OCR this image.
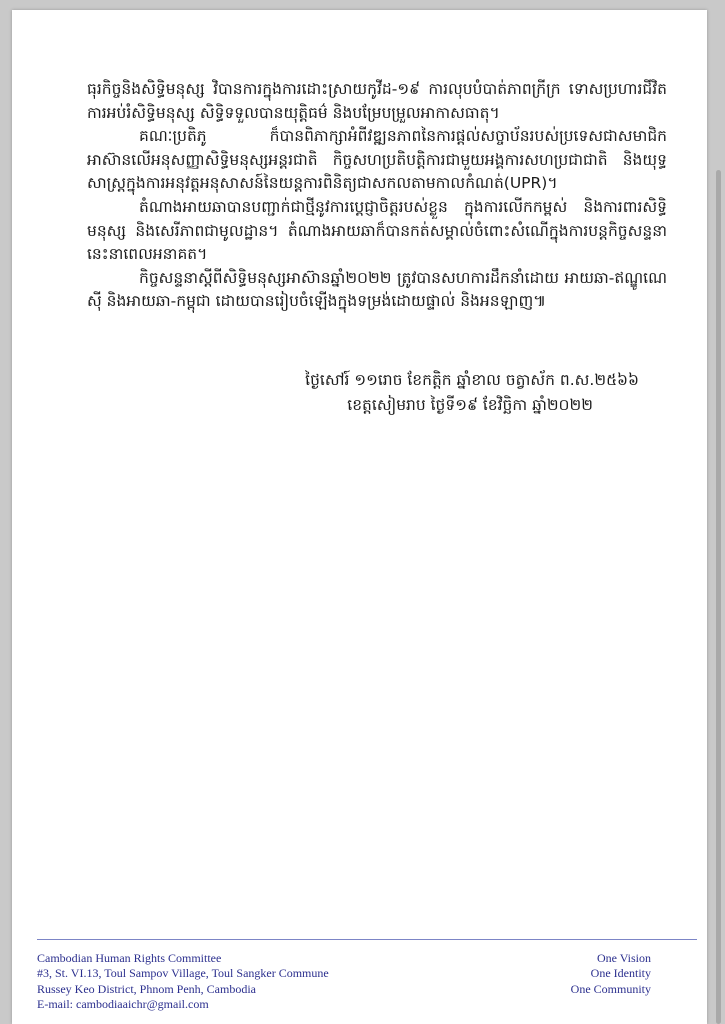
ធុរកិច្ចនិងសិទ្ធិមនុស្ស វិបានការក្នុងការដោះស្រាយកូវីដ-១៩ ការលុបបំបាត់ភាពក្រីក្រ ទោសប្រហារជីវិត ការអប់រំសិទ្ធិមនុស្ស សិទ្ធិទទួលបានយុត្តិធម៌ និងបម្រែបម្រួលអាកាសធាតុ។

គណៈប្រតិភូ ក៏បានពិភាក្សាអំពីវឌ្ឍនភាពនៃការផ្តល់សច្ចាប័នរបស់ប្រទេសជាសមាជិកអាស៊ានលើអនុសញ្ញាសិទ្ធិមនុស្សអន្តរជាតិ កិច្ចសហប្រតិបត្តិការជាមួយអង្គការសហប្រជាជាតិ និងយុទ្ធសាស្ត្រក្នុងការអនុវត្តអនុសាសន៍នៃយន្តការពិនិត្យជាសកលតាមកាលកំណត់(UPR)។

តំណាងអាយឆាបានបញ្ជាក់ជាថ្មីនូវការប្តេជ្ញាចិត្តរបស់ខ្លួន ក្នុងការលើកកម្ពស់ និងការពារសិទ្ធិមនុស្ស និងសេរីភាពជាមូលដ្ឋាន។ តំណាងអាយឆាក៏បានកត់សម្គាល់ចំពោះសំណើក្នុងការបន្តកិច្ចសន្ទនានេះនាពេលអនាគត។

កិច្ចសន្ទនាស្តីពីសិទ្ធិមនុស្សអាស៊ានឆ្នាំ២០២២ ត្រូវបានសហការដឹកនាំដោយ អាយឆា-ឥណ្ឌូណេស៊ី និងអាយឆា-កម្ពុជា ដោយបានរៀបចំឡើងក្នុងទម្រង់ដោយផ្ទាល់ និងអនឡាញ៕

ថ្ងៃសៅរ៍ ១១រោច ខែកត្តិក ឆ្នាំខាល ចត្វាស័ក ព.ស.២៥៦៦
ខេត្តសៀមរាប ថ្ងៃទី១៩ ខែវិច្ឆិកា ឆ្នាំ២០២២
Cambodian Human Rights Committee
#3, St. VI.13, Toul Sampov Village, Toul Sangker Commune
Russey Keo District, Phnom Penh, Cambodia
E-mail: cambodiaaichr@gmail.com
One Vision
One Identity
One Community
